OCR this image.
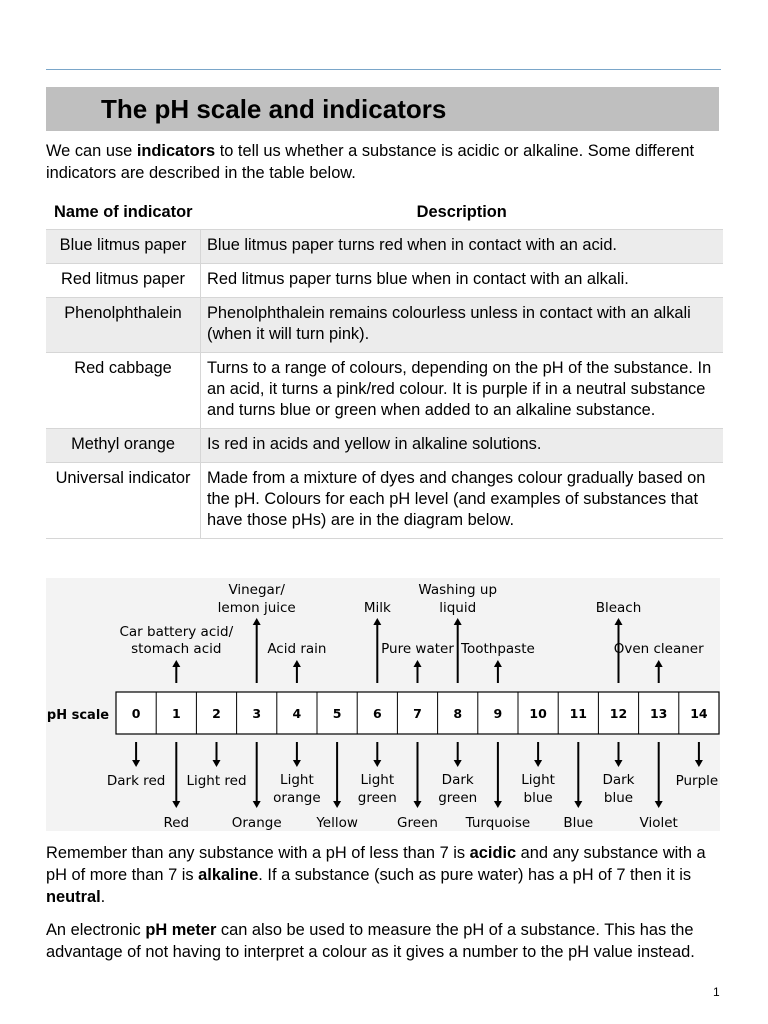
The pH scale and indicators

We can use indicators to tell us whether a substance is acidic or alkaline. Some different indicators are described in the table below.

Name of indicator	Description
Blue litmus paper	Blue litmus paper turns red when in contact with an acid.
Red litmus paper	Red litmus paper turns blue when in contact with an alkali.
Phenolphthalein	Phenolphthalein remains colourless unless in contact with an alkali (when it will turn pink).
Red cabbage	Turns to a range of colours, depending on the pH of the substance. In an acid, it turns a pink/red colour. It is purple if in a neutral substance and turns blue or green when added to an alkaline substance.
Methyl orange	Is red in acids and yellow in alkaline solutions.
Universal indicator	Made from a mixture of dyes and changes colour gradually based on the pH. Colours for each pH level (and examples of substances that have those pHs) are in the diagram below.
pH scale 0	1	2	3	4	5	6	7	8	9 10 11 12 13 14
Car battery acid/
stomach acid
Vinegar/
lemon juice
Acid rain
Milk
Pure water
Washing up
liquid
Toothpaste
Bleach
Oven cleaner
Dark red
Red
Light red
Orange
Light
orange
Yellow
Light
green
Green
Dark
green
Turquoise
Light
blue
Blue
Dark
blue
Violet
Purple

Remember than any substance with a pH of less than 7 is acidic and any substance with a pH of more than 7 is alkaline. If a substance (such as pure water) has a pH of 7 then it is neutral.

An electronic pH meter can also be used to measure the pH of a substance. This has the advantage of not having to interpret a colour as it gives a number to the pH value instead.

1
